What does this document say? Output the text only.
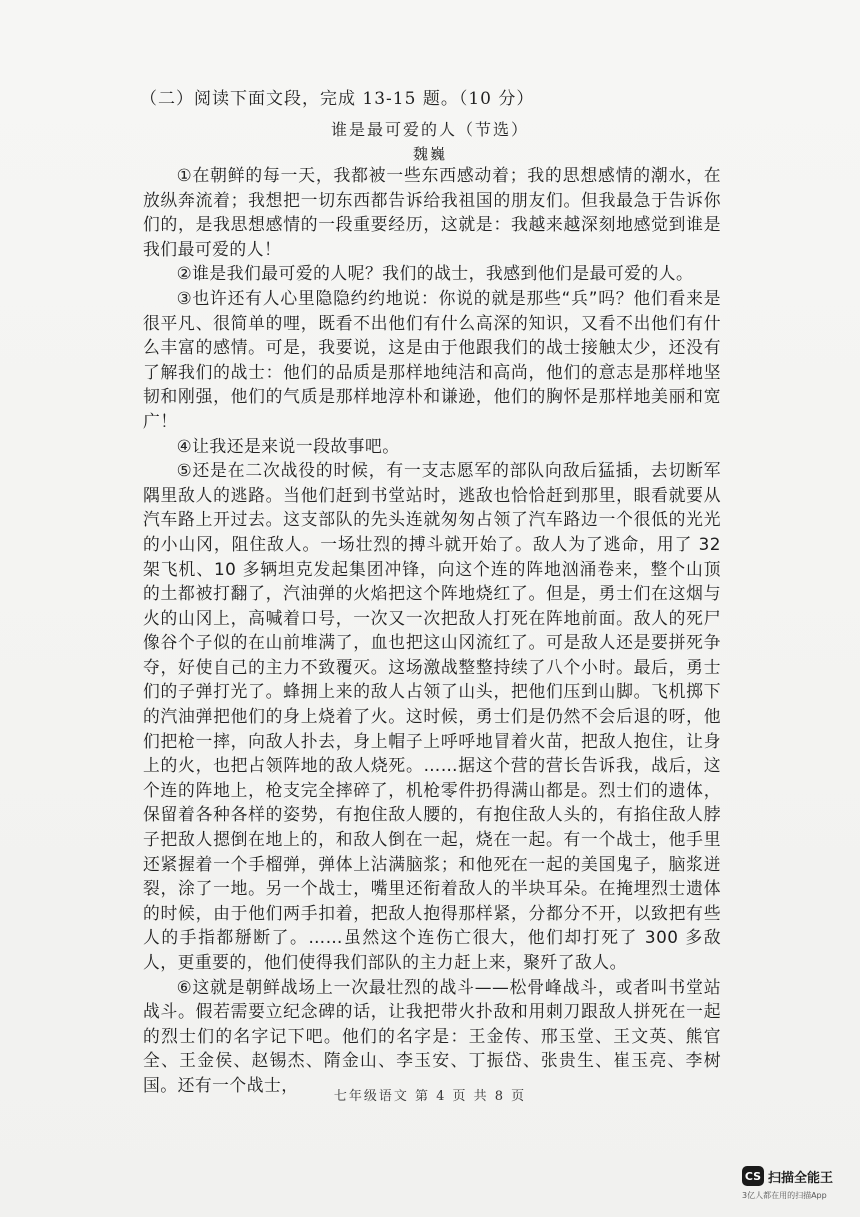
（二）阅读下面文段，完成 13-15 题。（10 分）
谁是最可爱的人（节选）
魏巍

①在朝鲜的每一天，我都被一些东西感动着；我的思想感情的潮水，在放纵奔流着；我想把一切东西都告诉给我祖国的朋友们。但我最急于告诉你们的，是我思想感情的一段重要经历，这就是：我越来越深刻地感觉到谁是我们最可爱的人！

②谁是我们最可爱的人呢？我们的战士，我感到他们是最可爱的人。

③也许还有人心里隐隐约约地说：你说的就是那些“兵”吗？他们看来是很平凡、很简单的哩，既看不出他们有什么高深的知识，又看不出他们有什么丰富的感情。可是，我要说，这是由于他跟我们的战士接触太少，还没有了解我们的战士：他们的品质是那样地纯洁和高尚，他们的意志是那样地坚韧和刚强，他们的气质是那样地淳朴和谦逊，他们的胸怀是那样地美丽和宽广！

④让我还是来说一段故事吧。

⑤还是在二次战役的时候，有一支志愿军的部队向敌后猛插，去切断军隅里敌人的逃路。当他们赶到书堂站时，逃敌也恰恰赶到那里，眼看就要从汽车路上开过去。这支部队的先头连就匆匆占领了汽车路边一个很低的光光的小山冈，阻住敌人。一场壮烈的搏斗就开始了。敌人为了逃命，用了 32 架飞机、10 多辆坦克发起集团冲锋，向这个连的阵地汹涌卷来，整个山顶的土都被打翻了，汽油弹的火焰把这个阵地烧红了。但是，勇士们在这烟与火的山冈上，高喊着口号，一次又一次把敌人打死在阵地前面。敌人的死尸像谷个子似的在山前堆满了，血也把这山冈流红了。可是敌人还是要拼死争夺，好使自己的主力不致覆灭。这场激战整整持续了八个小时。最后，勇士们的子弹打光了。蜂拥上来的敌人占领了山头，把他们压到山脚。飞机掷下的汽油弹把他们的身上烧着了火。这时候，勇士们是仍然不会后退的呀，他们把枪一摔，向敌人扑去，身上帽子上呼呼地冒着火苗，把敌人抱住，让身上的火，也把占领阵地的敌人烧死。……据这个营的营长告诉我，战后，这个连的阵地上，枪支完全摔碎了，机枪零件扔得满山都是。烈士们的遗体，保留着各种各样的姿势，有抱住敌人腰的，有抱住敌人头的，有掐住敌人脖子把敌人摁倒在地上的，和敌人倒在一起，烧在一起。有一个战士，他手里还紧握着一个手榴弹，弹体上沾满脑浆；和他死在一起的美国鬼子，脑浆迸裂，涂了一地。另一个战士，嘴里还衔着敌人的半块耳朵。在掩埋烈士遗体的时候，由于他们两手扣着，把敌人抱得那样紧，分都分不开，以致把有些人的手指都掰断了。……虽然这个连伤亡很大，他们却打死了 300 多敌人，更重要的，他们使得我们部队的主力赶上来，聚歼了敌人。

⑥这就是朝鲜战场上一次最壮烈的战斗——松骨峰战斗，或者叫书堂站战斗。假若需要立纪念碑的话，让我把带火扑敌和用刺刀跟敌人拼死在一起的烈士们的名字记下吧。他们的名字是：王金传、邢玉堂、王文英、熊官全、王金侯、赵锡杰、隋金山、李玉安、丁振岱、张贵生、崔玉亮、李树国。还有一个战士，

七年级语文 第 4 页 共 8 页
CS 扫描全能王
3亿人都在用的扫描App
